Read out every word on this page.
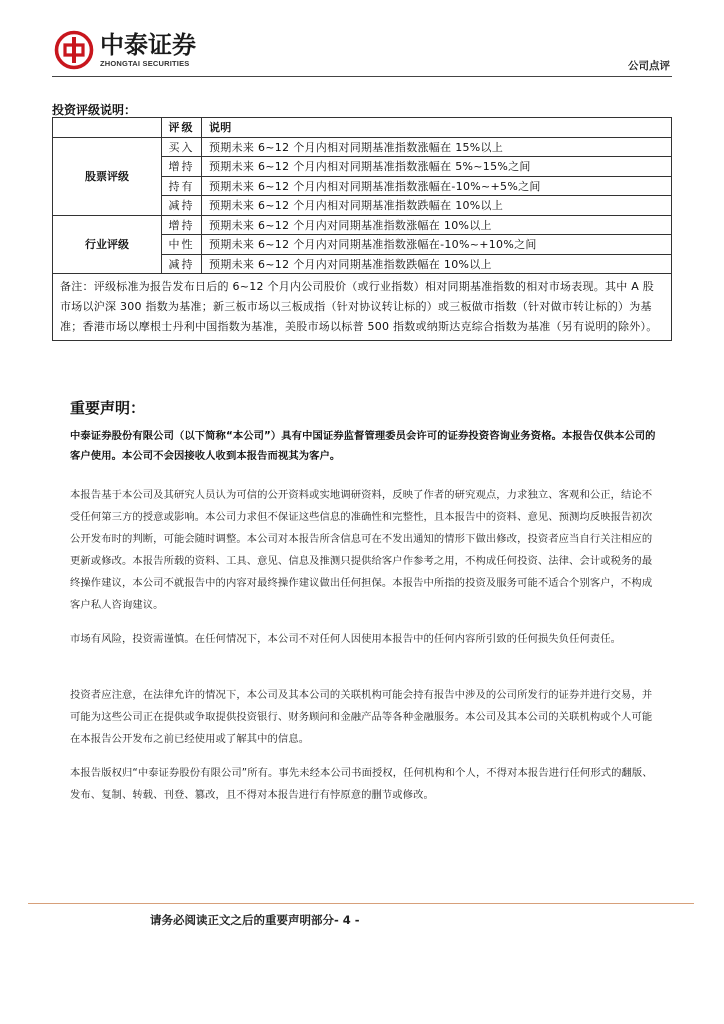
中泰证券
ZHONGTAI SECURITIES	公司点评
投资评级说明：
	评级	说明
股票评级	买入	预期未来 6~12 个月内相对同期基准指数涨幅在 15%以上
	增持	预期未来 6~12 个月内相对同期基准指数涨幅在 5%~15%之间
	持有	预期未来 6~12 个月内相对同期基准指数涨幅在-10%~+5%之间
	减持	预期未来 6~12 个月内相对同期基准指数跌幅在 10%以上
行业评级	增持	预期未来 6~12 个月内对同期基准指数涨幅在 10%以上
	中性	预期未来 6~12 个月内对同期基准指数涨幅在-10%~+10%之间
	减持	预期未来 6~12 个月内对同期基准指数跌幅在 10%以上
备注：评级标准为报告发布日后的 6~12 个月内公司股价（或行业指数）相对同期基准指数的相对市场表现。其中 A 股市场以沪深 300 指数为基准；新三板市场以三板成指（针对协议转让标的）或三板做市指数（针对做市转让标的）为基准；香港市场以摩根士丹利中国指数为基准，美股市场以标普 500 指数或纳斯达克综合指数为基准（另有说明的除外）。		
重要声明：
中泰证券股份有限公司（以下简称“本公司”）具有中国证券监督管理委员会许可的证券投资咨询业务资格。本报告仅供本公司的客户使用。本公司不会因接收人收到本报告而视其为客户。
本报告基于本公司及其研究人员认为可信的公开资料或实地调研资料，反映了作者的研究观点，力求独立、客观和公正，结论不受任何第三方的授意或影响。本公司力求但不保证这些信息的准确性和完整性，且本报告中的资料、意见、预测均反映报告初次公开发布时的判断，可能会随时调整。本公司对本报告所含信息可在不发出通知的情形下做出修改，投资者应当自行关注相应的更新或修改。本报告所载的资料、工具、意见、信息及推测只提供给客户作参考之用，不构成任何投资、法律、会计或税务的最终操作建议，本公司不就报告中的内容对最终操作建议做出任何担保。本报告中所指的投资及服务可能不适合个别客户，不构成客户私人咨询建议。
市场有风险，投资需谨慎。在任何情况下，本公司不对任何人因使用本报告中的任何内容所引致的任何损失负任何责任。
投资者应注意，在法律允许的情况下，本公司及其本公司的关联机构可能会持有报告中涉及的公司所发行的证券并进行交易，并可能为这些公司正在提供或争取提供投资银行、财务顾问和金融产品等各种金融服务。本公司及其本公司的关联机构或个人可能在本报告公开发布之前已经使用或了解其中的信息。
本报告版权归“中泰证券股份有限公司”所有。事先未经本公司书面授权，任何机构和个人，不得对本报告进行任何形式的翻版、发布、复制、转载、刊登、篡改，且不得对本报告进行有悖原意的删节或修改。
请务必阅读正文之后的重要声明部分- 4 -
